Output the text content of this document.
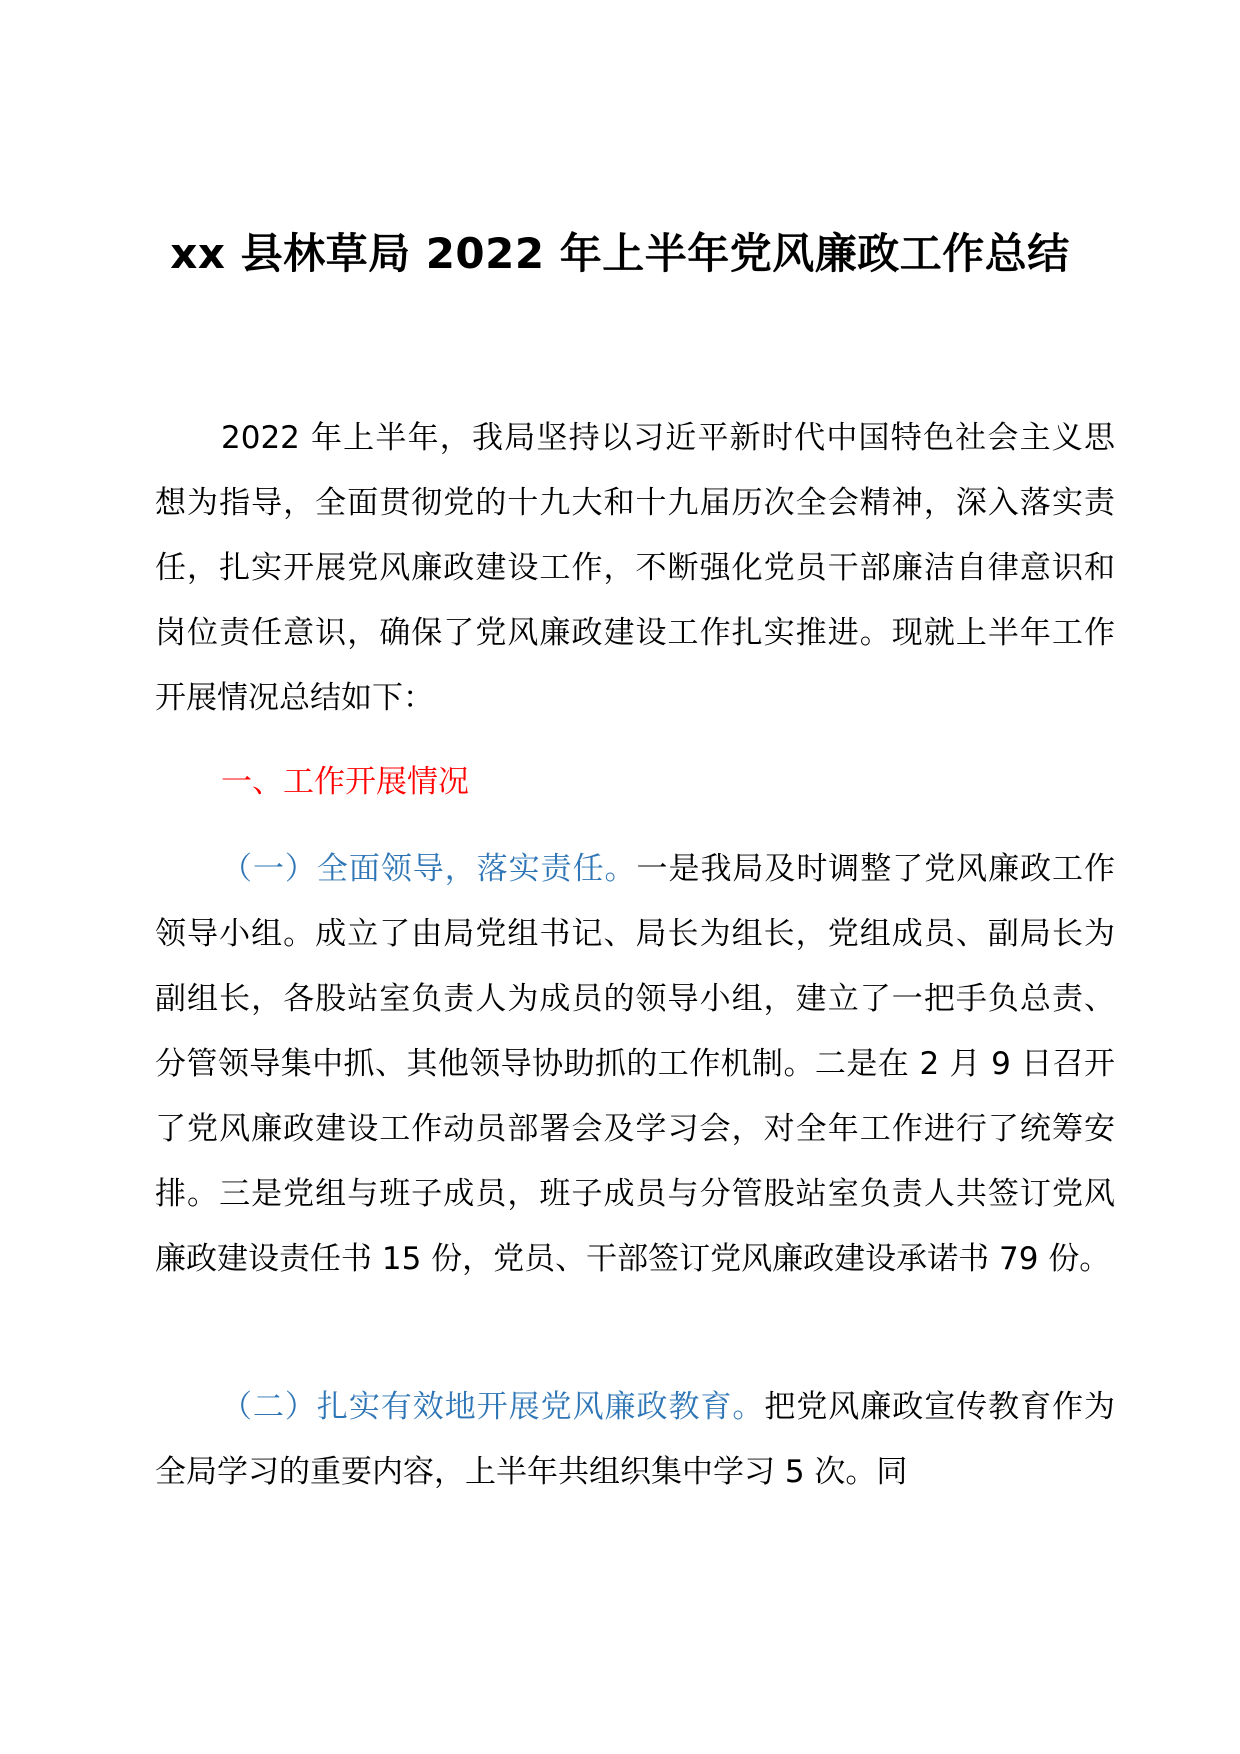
xx 县林草局 2022 年上半年党风廉政工作总结
2022 年上半年，我局坚持以习近平新时代中国特色社会主义思想为指导，全面贯彻党的十九大和十九届历次全会精神，深入落实责任，扎实开展党风廉政建设工作，不断强化党员干部廉洁自律意识和岗位责任意识，确保了党风廉政建设工作扎实推进。现就上半年工作开展情况总结如下：
一、工作开展情况
（一）全面领导，落实责任。一是我局及时调整了党风廉政工作领导小组。成立了由局党组书记、局长为组长，党组成员、副局长为副组长，各股站室负责人为成员的领导小组，建立了一把手负总责、分管领导集中抓、其他领导协助抓的工作机制。二是在 2 月 9 日召开了党风廉政建设工作动员部署会及学习会，对全年工作进行了统筹安排。三是党组与班子成员，班子成员与分管股站室负责人共签订党风廉政建设责任书 15 份，党员、干部签订党风廉政建设承诺书 79 份。
（二）扎实有效地开展党风廉政教育。把党风廉政宣传教育作为全局学习的重要内容，上半年共组织集中学习 5 次。同
